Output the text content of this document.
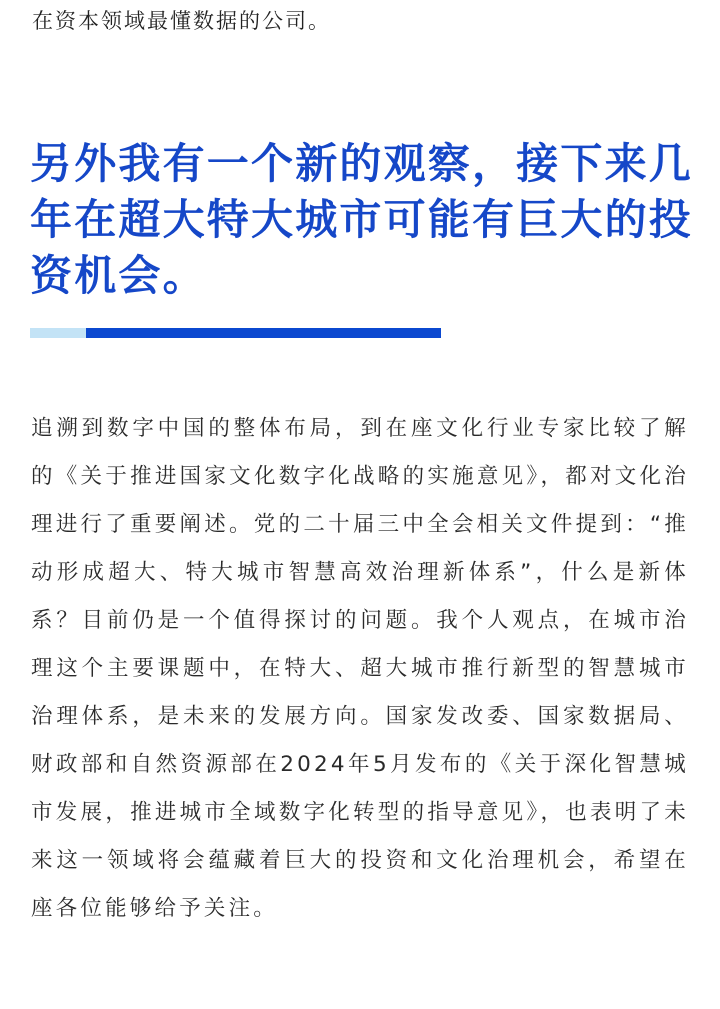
在资本领域最懂数据的公司。
另外我有一个新的观察，接下来几年在超大特大城市可能有巨大的投资机会。

追溯到数字中国的整体布局，到在座文化行业专家比较了解的《关于推进国家文化数字化战略的实施意见》，都对文化治理进行了重要阐述。党的二十届三中全会相关文件提到：“推动形成超大、特大城市智慧高效治理新体系”，什么是新体系？目前仍是一个值得探讨的问题。我个人观点，在城市治理这个主要课题中，在特大、超大城市推行新型的智慧城市治理体系，是未来的发展方向。国家发改委、国家数据局、财政部和自然资源部在2024年5月发布的《关于深化智慧城市发展，推进城市全域数字化转型的指导意见》，也表明了未来这一领域将会蕴藏着巨大的投资和文化治理机会，希望在座各位能够给予关注。
